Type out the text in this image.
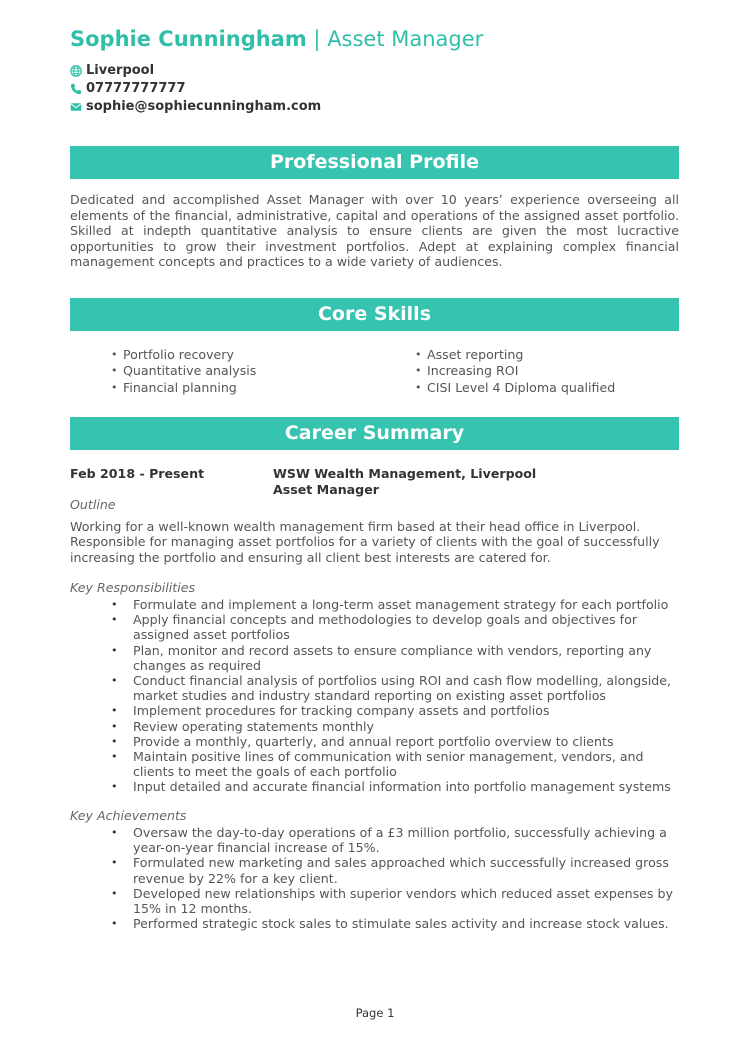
Sophie Cunningham | Asset Manager
Liverpool
07777777777
sophie@sophiecunningham.com
Professional Profile
Dedicated and accomplished Asset Manager with over 10 years’ experience overseeing all elements of the financial, administrative, capital and operations of the assigned asset portfolio. Skilled at indepth quantitative analysis to ensure clients are given the most lucractive opportunities to grow their investment portfolios. Adept at explaining complex financial management concepts and practices to a wide variety of audiences.
Core Skills
• Portfolio recovery
• Quantitative analysis
• Financial planning
• Asset reporting
• Increasing ROI
• CISI Level 4 Diploma qualified
Career Summary
Feb 2018 - Present	WSW Wealth Management, Liverpool
Asset Manager
Outline
Working for a well-known wealth management firm based at their head office in Liverpool. Responsible for managing asset portfolios for a variety of clients with the goal of successfully increasing the portfolio and ensuring all client best interests are catered for.
Key Responsibilities
• Formulate and implement a long-term asset management strategy for each portfolio
• Apply financial concepts and methodologies to develop goals and objectives for assigned asset portfolios
• Plan, monitor and record assets to ensure compliance with vendors, reporting any changes as required
• Conduct financial analysis of portfolios using ROI and cash flow modelling, alongside, market studies and industry standard reporting on existing asset portfolios
• Implement procedures for tracking company assets and portfolios
• Review operating statements monthly
• Provide a monthly, quarterly, and annual report portfolio overview to clients
• Maintain positive lines of communication with senior management, vendors, and clients to meet the goals of each portfolio
• Input detailed and accurate financial information into portfolio management systems
Key Achievements
• Oversaw the day-to-day operations of a £3 million portfolio, successfully achieving a year-on-year financial increase of 15%.
• Formulated new marketing and sales approached which successfully increased gross revenue by 22% for a key client.
• Developed new relationships with superior vendors which reduced asset expenses by 15% in 12 months.
• Performed strategic stock sales to stimulate sales activity and increase stock values.
Page 1
